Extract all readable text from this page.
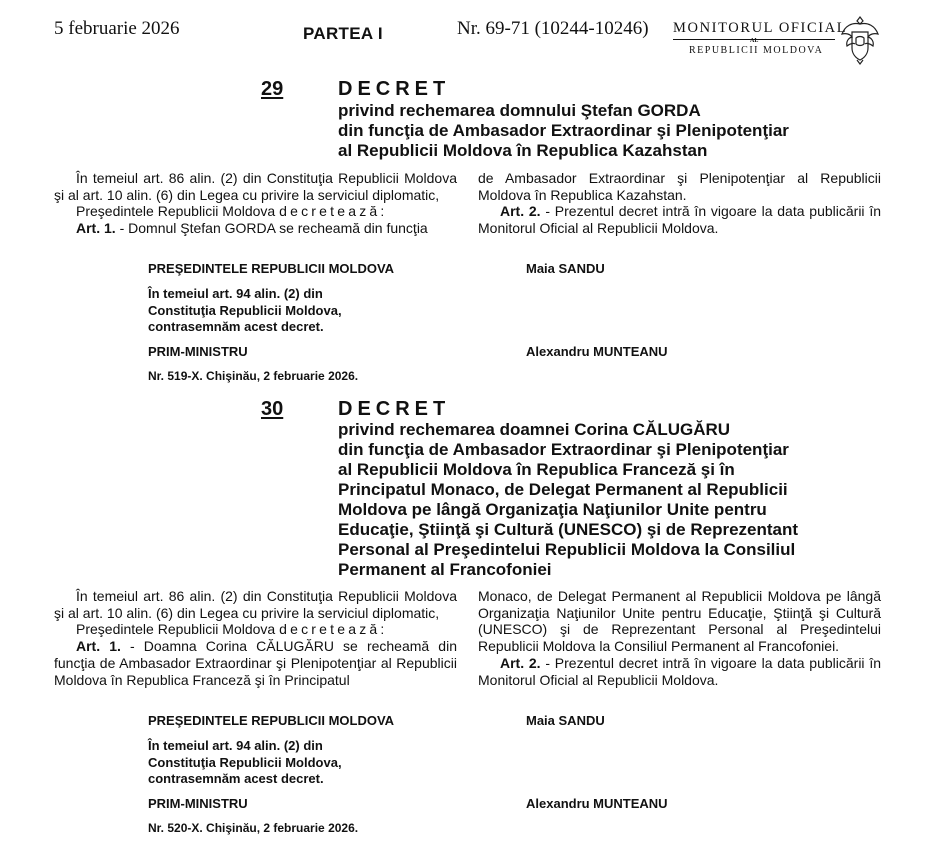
5 februarie 2026	PARTEA I	Nr. 69-71 (10244-10246) MONITORUL OFICIAL
AL
REPUBLICII MOLDOVA
29	DECRET
privind rechemarea domnului Ştefan GORDA
din funcţia de Ambasador Extraordinar şi Plenipotenţiar
al Republicii Moldova în Republica Kazahstan

În temeiul art. 86 alin. (2) din Constituţia Republicii Moldova şi al art. 10 alin. (6) din Legea cu privire la serviciul diplomatic,

Preşedintele Republicii Moldova decretează:

Art. 1. - Domnul Ştefan GORDA se recheamă din funcţia

de Ambasador Extraordinar şi Plenipotenţiar al Republicii Moldova în Republica Kazahstan.

Art. 2. - Prezentul decret intră în vigoare la data publicării în Monitorul Oficial al Republicii Moldova.

PREŞEDINTELE REPUBLICII MOLDOVA	Maia SANDU
În temeiul art. 94 alin. (2) din
Constituţia Republicii Moldova,
contrasemnăm acest decret.
PRIM-MINISTRU	Alexandru MUNTEANU
Nr. 519-X. Chişinău, 2 februarie 2026.
30	DECRET
privind rechemarea doamnei Corina CĂLUGĂRU
din funcţia de Ambasador Extraordinar şi Plenipotenţiar
al Republicii Moldova în Republica Franceză şi în
Principatul Monaco, de Delegat Permanent al Republicii
Moldova pe lângă Organizaţia Naţiunilor Unite pentru
Educaţie, Ştiinţă şi Cultură (UNESCO) şi de Reprezentant
Personal al Preşedintelui Republicii Moldova la Consiliul
Permanent al Francofoniei

În temeiul art. 86 alin. (2) din Constituţia Republicii Moldova şi al art. 10 alin. (6) din Legea cu privire la serviciul diplomatic,

Preşedintele Republicii Moldova decretează:

Art. 1. - Doamna Corina CĂLUGĂRU se recheamă din funcţia de Ambasador Extraordinar şi Plenipotenţiar al Republicii Moldova în Republica Franceză şi în Principatul

Monaco, de Delegat Permanent al Republicii Moldova pe lângă Organizaţia Naţiunilor Unite pentru Educaţie, Ştiinţă şi Cultură (UNESCO) şi de Reprezentant Personal al Preşedintelui Republicii Moldova la Consiliul Permanent al Francofoniei.

Art. 2. - Prezentul decret intră în vigoare la data publicării în Monitorul Oficial al Republicii Moldova.

PREŞEDINTELE REPUBLICII MOLDOVA	Maia SANDU
În temeiul art. 94 alin. (2) din
Constituţia Republicii Moldova,
contrasemnăm acest decret.
PRIM-MINISTRU	Alexandru MUNTEANU
Nr. 520-X. Chişinău, 2 februarie 2026.
